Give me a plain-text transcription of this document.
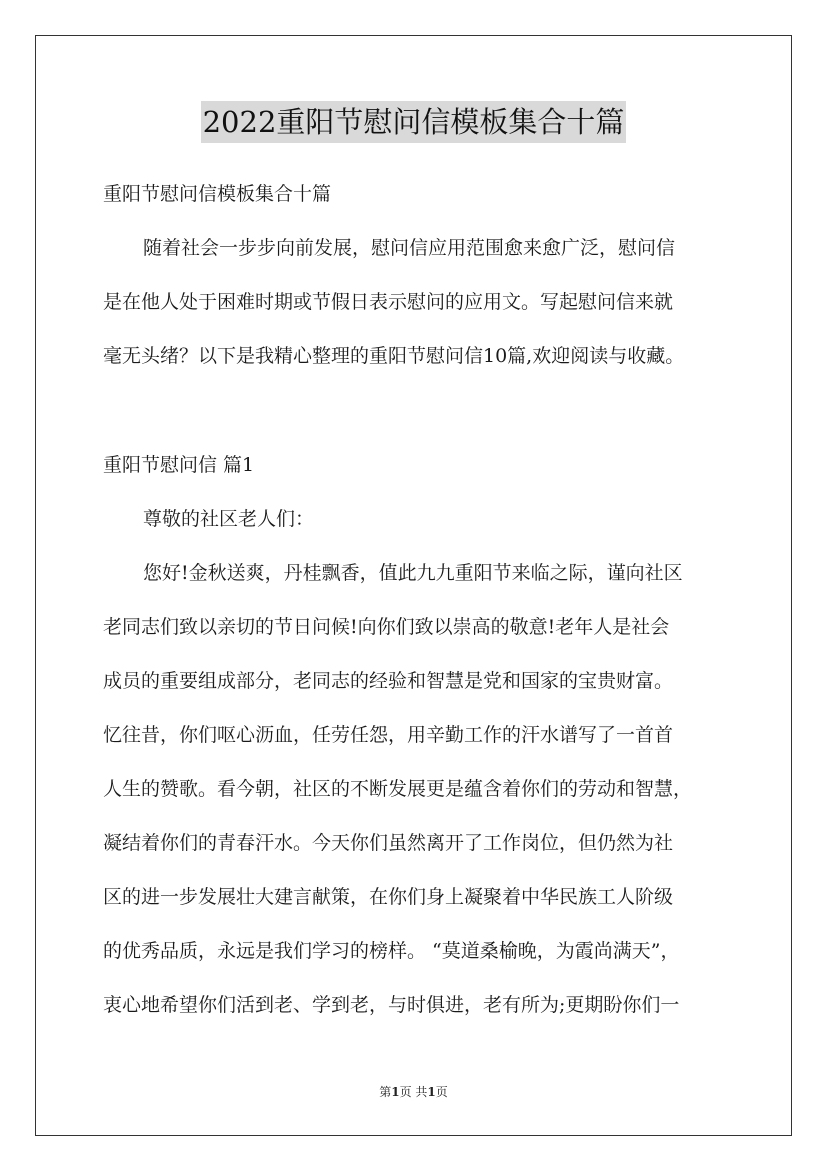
2022重阳节慰问信模板集合十篇
重阳节慰问信模板集合十篇
随着社会一步步向前发展，慰问信应用范围愈来愈广泛，慰问信
是在他人处于困难时期或节假日表示慰问的应用文。写起慰问信来就
毫无头绪？以下是我精心整理的重阳节慰问信10篇,欢迎阅读与收藏。
重阳节慰问信 篇1
尊敬的社区老人们：
您好!金秋送爽，丹桂飘香，值此九九重阳节来临之际，谨向社区
老同志们致以亲切的节日问候!向你们致以崇高的敬意!老年人是社会
成员的重要组成部分，老同志的经验和智慧是党和国家的宝贵财富。
忆往昔，你们呕心沥血，任劳任怨，用辛勤工作的汗水谱写了一首首
人生的赞歌。看今朝，社区的不断发展更是蕴含着你们的劳动和智慧，
凝结着你们的青春汗水。今天你们虽然离开了工作岗位，但仍然为社
区的进一步发展壮大建言献策，在你们身上凝聚着中华民族工人阶级
的优秀品质，永远是我们学习的榜样。 “莫道桑榆晚，为霞尚满天”，
衷心地希望你们活到老、学到老，与时俱进，老有所为;更期盼你们一
第1页 共1页
